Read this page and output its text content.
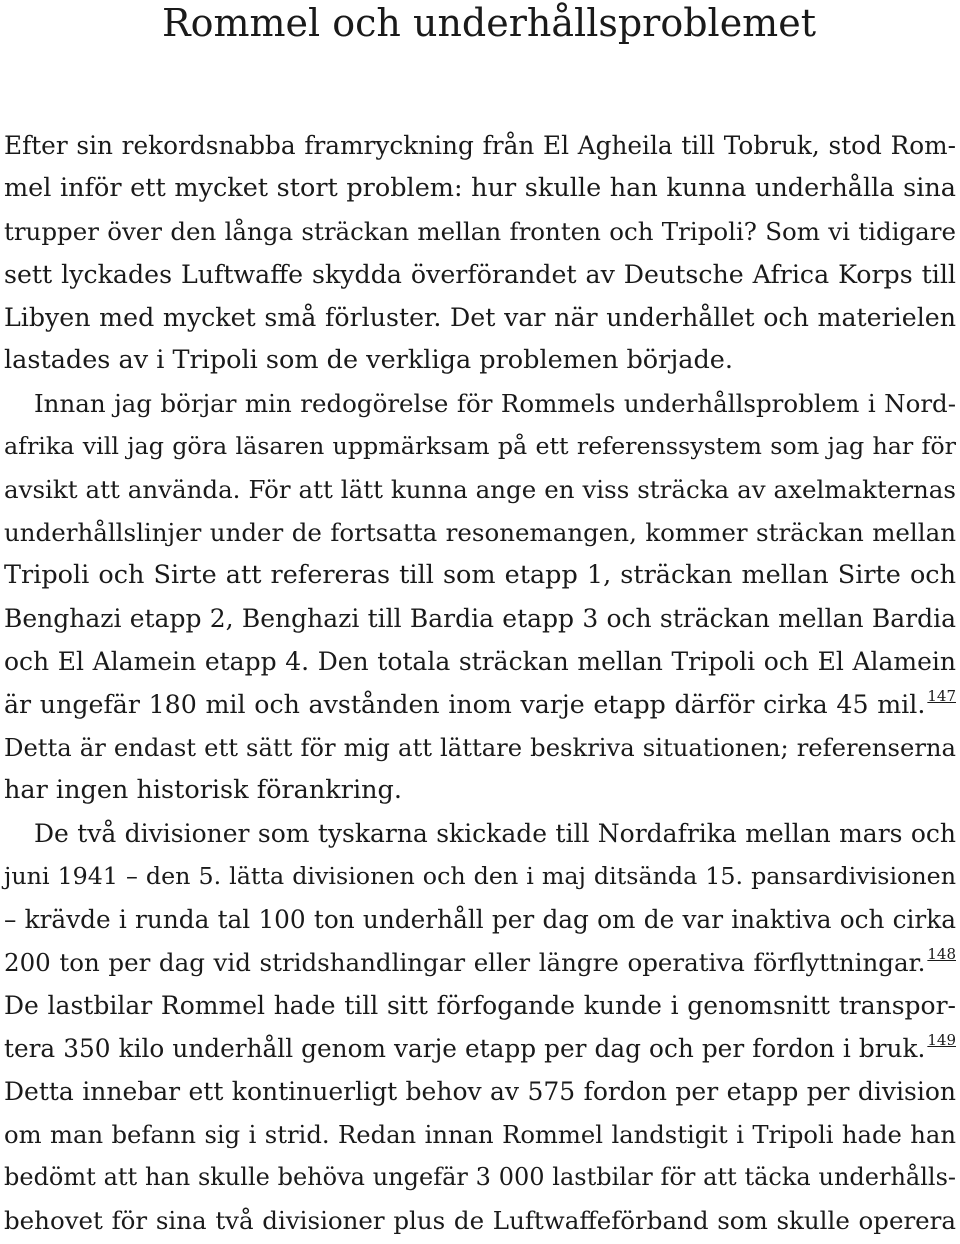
Rommel och underhållsproblemet
Efter sin rekordsnabba framryckning från El Agheila till Tobruk, stod Rom-
mel inför ett mycket stort problem: hur skulle han kunna underhålla sina
trupper över den långa sträckan mellan fronten och Tripoli? Som vi tidigare
sett lyckades Luftwaffe skydda överförandet av Deutsche Africa Korps till
Libyen med mycket små förluster. Det var när underhållet och materielen
lastades av i Tripoli som de verkliga problemen började.
Innan jag börjar min redogörelse för Rommels underhållsproblem i Nord-
afrika vill jag göra läsaren uppmärksam på ett referenssystem som jag har för
avsikt att använda. För att lätt kunna ange en viss sträcka av axelmakternas
underhållslinjer under de fortsatta resonemangen, kommer sträckan mellan
Tripoli och Sirte att refereras till som etapp 1, sträckan mellan Sirte och
Benghazi etapp 2, Benghazi till Bardia etapp 3 och sträckan mellan Bardia
och El Alamein etapp 4. Den totala sträckan mellan Tripoli och El Alamein
är ungefär 180 mil och avstånden inom varje etapp därför cirka 45 mil. $^{147}$
Detta är endast ett sätt för mig att lättare beskriva situationen; referenserna
har ingen historisk förankring.
De två divisioner som tyskarna skickade till Nordafrika mellan mars och
juni 1941 – den 5. lätta divisionen och den i maj ditsända 15. pansardivisionen
– krävde i runda tal 100 ton underhåll per dag om de var inaktiva och cirka
200 ton per dag vid stridshandlingar eller längre operativa förflyttningar. $^{148}$
De lastbilar Rommel hade till sitt förfogande kunde i genomsnitt transpor-
tera 350 kilo underhåll genom varje etapp per dag och per fordon i bruk. $^{149}$
Detta innebar ett kontinuerligt behov av 575 fordon per etapp per division
om man befann sig i strid. Redan innan Rommel landstigit i Tripoli hade han
bedömt att han skulle behöva ungefär 3 000 lastbilar för att täcka underhålls-
behovet för sina två divisioner plus de Luftwaffeförband som skulle operera
